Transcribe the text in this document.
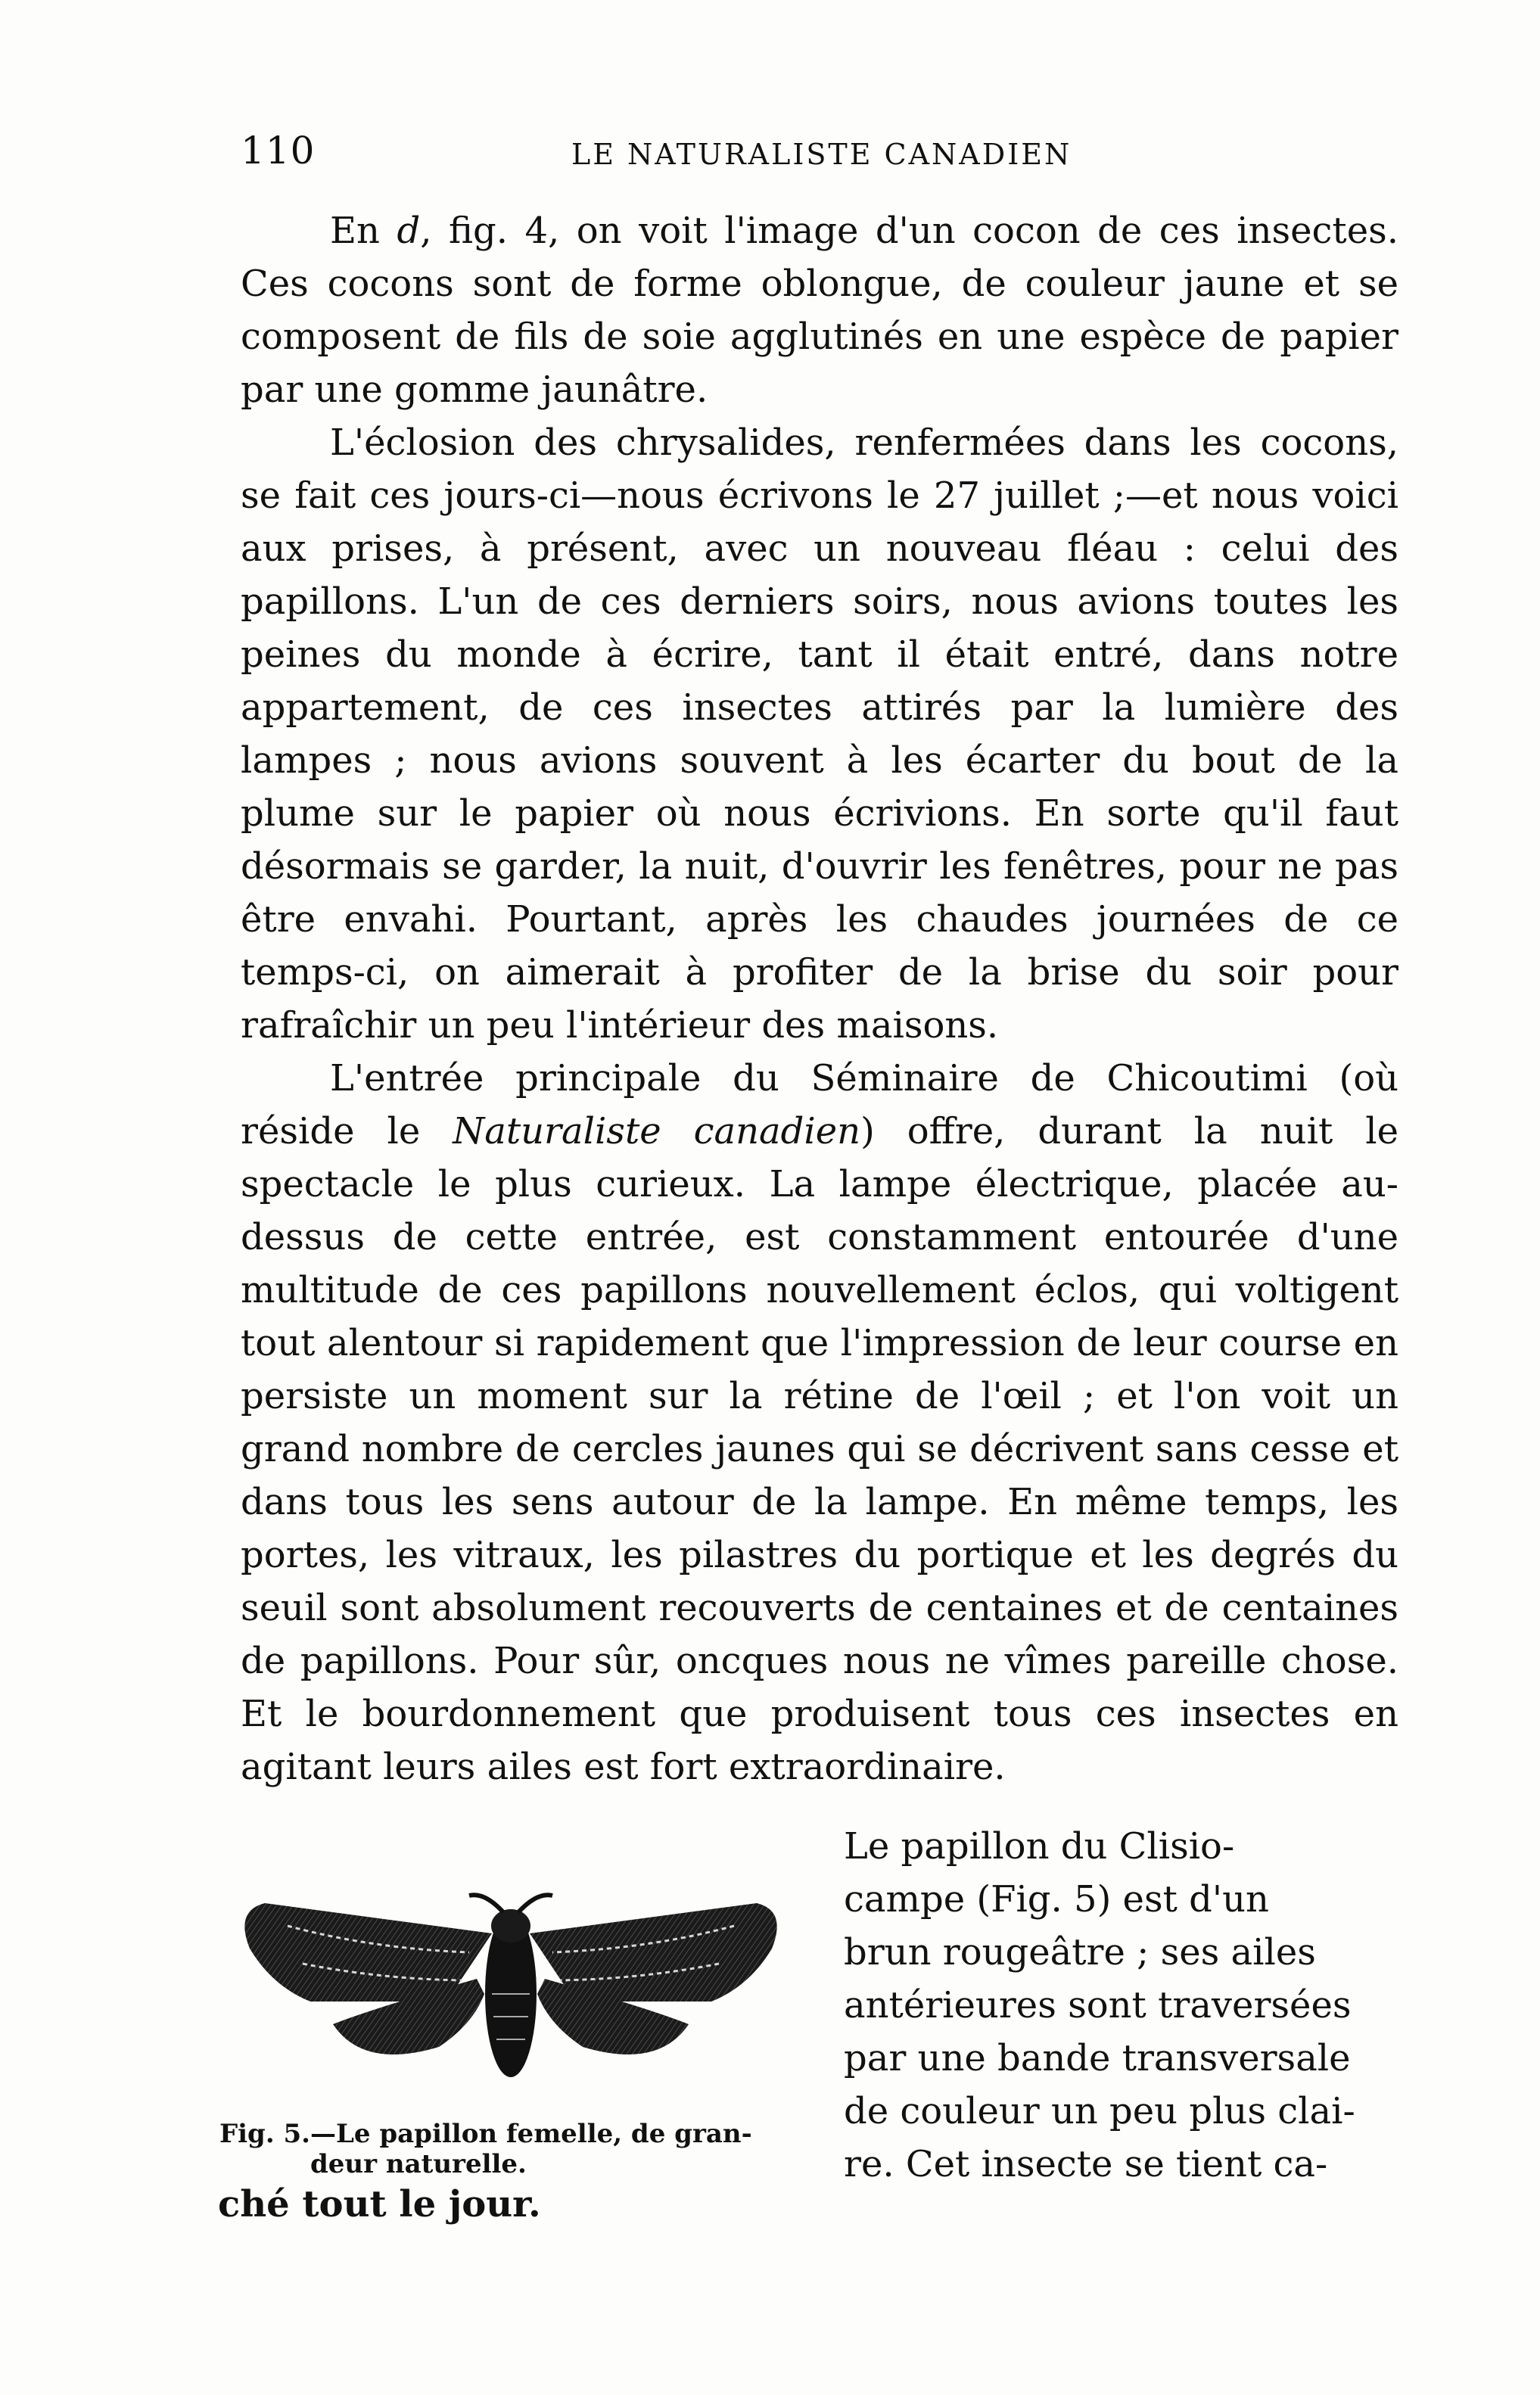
110	LE NATURALISTE CANADIEN

En d, fig. 4, on voit l'image d'un cocon de ces insectes. Ces cocons sont de forme oblongue, de couleur jaune et se composent de fils de soie agglutinés en une espèce de papier par une gomme jaunâtre.

L'éclosion des chrysalides, renfermées dans les cocons, se fait ces jours-ci—nous écrivons le 27 juillet ;—et nous voici aux prises, à présent, avec un nouveau fléau : celui des papillons. L'un de ces derniers soirs, nous avions toutes les peines du monde à écrire, tant il était entré, dans notre appartement, de ces insectes attirés par la lumière des lampes ; nous avions souvent à les écarter du bout de la plume sur le papier où nous écrivions. En sorte qu'il faut désormais se garder, la nuit, d'ouvrir les fenêtres, pour ne pas être envahi. Pourtant, après les chaudes journées de ce temps-ci, on aimerait à profiter de la brise du soir pour rafraîchir un peu l'intérieur des maisons.

L'entrée principale du Séminaire de Chicoutimi (où réside le Naturaliste canadien) offre, durant la nuit le spectacle le plus curieux. La lampe électrique, placée au-dessus de cette entrée, est constamment entourée d'une multitude de ces papillons nouvellement éclos, qui voltigent tout alentour si rapidement que l'impression de leur course en persiste un moment sur la rétine de l'œil ; et l'on voit un grand nombre de cercles jaunes qui se décrivent sans cesse et dans tous les sens autour de la lampe. En même temps, les portes, les vitraux, les pilastres du portique et les degrés du seuil sont absolument recouverts de centaines et de centaines de papillons. Pour sûr, oncques nous ne vîmes pareille chose. Et le bourdonnement que produisent tous ces insectes en agitant leurs ailes est fort extraordinaire.

Fig. 5.—Le papillon femelle, de gran-
deur naturelle.
Le papillon du Clisio-
campe (Fig. 5) est d'un
brun rougeâtre ; ses ailes
antérieures sont traversées
par une bande transversale
de couleur un peu plus clai-
re. Cet insecte se tient ca-
ché tout le jour.
